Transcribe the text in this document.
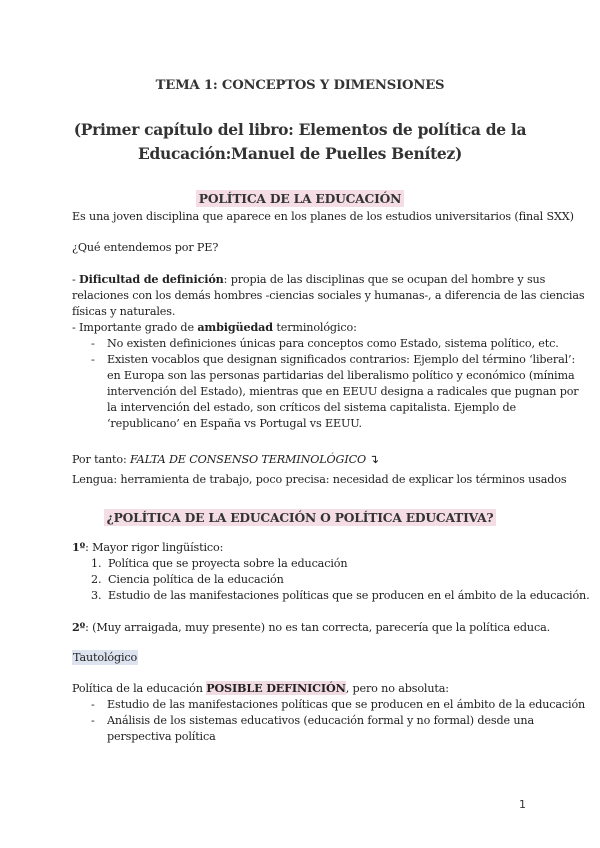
TEMA 1: CONCEPTOS Y DIMENSIONES
(Primer capítulo del libro: Elementos de política de la
Educación:Manuel de Puelles Benítez)
POLÍTICA DE LA EDUCACIÓN
Es una joven disciplina que aparece en los planes de los estudios universitarios (final SXX)
¿Qué entendemos por PE?
- Dificultad de definición: propia de las disciplinas que se ocupan del hombre y sus
relaciones con los demás hombres -ciencias sociales y humanas-, a diferencia de las ciencias
físicas y naturales.
- Importante grado de ambigüedad terminológico:
- No existen definiciones únicas para conceptos como Estado, sistema político, etc.
- Existen vocablos que designan significados contrarios: Ejemplo del término ‘liberal’:
en Europa son las personas partidarias del liberalismo político y económico (mínima
intervención del Estado), mientras que en EEUU designa a radicales que pugnan por
la intervención del estado, son críticos del sistema capitalista. Ejemplo de
‘republicano’ en España vs Portugal vs EEUU.
Por tanto: FALTA DE CONSENSO TERMINOLÓGICO ↴
Lengua: herramienta de trabajo, poco precisa: necesidad de explicar los términos usados
¿POLÍTICA DE LA EDUCACIÓN O POLÍTICA EDUCATIVA?
1º: Mayor rigor lingüístico:
1. Política que se proyecta sobre la educación
2. Ciencia política de la educación
3. Estudio de las manifestaciones políticas que se producen en el ámbito de la educación.
2º: (Muy arraigada, muy presente) no es tan correcta, parecería que la política educa.
Tautológico
Política de la educación POSIBLE DEFINICIÓN, pero no absoluta:
- Estudio de las manifestaciones políticas que se producen en el ámbito de la educación
- Análisis de los sistemas educativos (educación formal y no formal) desde una
perspectiva política
1
